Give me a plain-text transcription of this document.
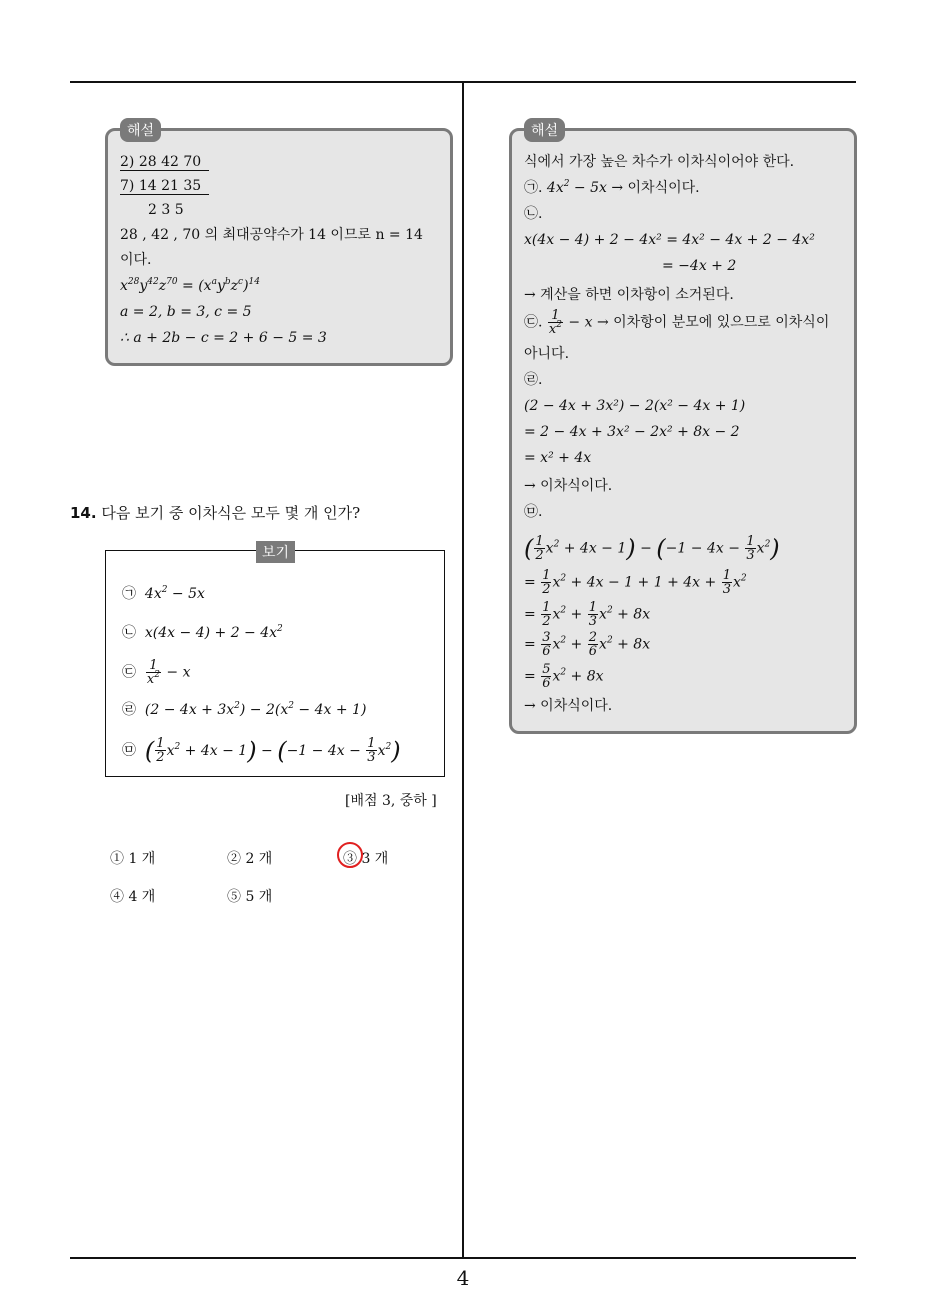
4
해설
2) 28 42 70
7) 14 21 35
2 3 5
28 , 42 , 70 의 최대공약수가 14 이므로 n = 14
이다.
$x^{28}y^{42}z^{70} = (x^ay^bz^c)^{14}$
a = 2, b = 3, c = 5
∴ a + 2b − c = 2 + 6 − 5 = 3
14. 다음 보기 중 이차식은 모두 몇 개 인가?
보기
㉠ $4x^2 - 5x$
㉡ $x(4x - 4) + 2 - 4x^2$
㉢ $\frac{1}{x^2} - x$
㉣ $(2 - 4x + 3x^2) - 2(x^2 - 4x + 1)$
㉤ ( $\frac{1}{2} x^2 + 4x - 1) - (-1 - 4x - \frac{1}{3} x^2)$
[배점 3, 중하 ]
① 1 개	② 2 개	③ 3 개
④ 4 개	⑤ 5 개
해설
식에서 가장 높은 차수가 이차식이어야 한다.
㉠. $4x^2 - 5x$ → 이차식이다.
㉡.
x(4x − 4) + 2 − 4x² = 4x² − 4x + 2 − 4x²
= −4x + 2
→ 계산을 하면 이차항이 소거된다.
㉢. $\frac{1}{x^2} - x$ → 이차항이 분모에 있으므로 이차식이
아니다.
㉣.
(2 − 4x + 3x²) − 2(x² − 4x + 1)
= 2 − 4x + 3x² − 2x² + 8x − 2
= x² + 4x
→ 이차식이다.
㉤.
( $\frac{1}{2} x^2 + 4x - 1) - (-1 - 4x - \frac{1}{3} x^2)$
= $\frac{1}{2} x^2 + 4x - 1 + 1 + 4x + \frac{1}{3} x^2$
= $\frac{1}{2} x^2 + \frac{1}{3} x^2 + 8x$
= $\frac{3}{6} x^2 + \frac{2}{6} x^2 + 8x$
= $\frac{5}{6} x^2 + 8x$
→ 이차식이다.
